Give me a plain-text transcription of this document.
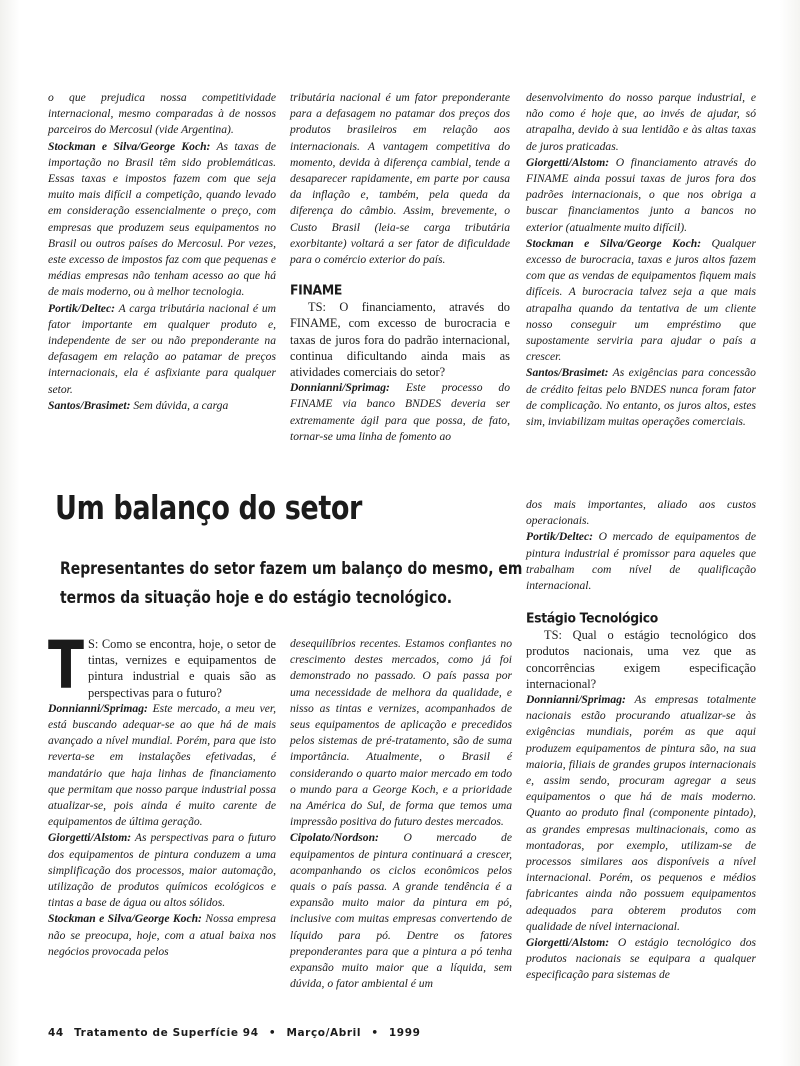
o que prejudica nossa competitividade internacional, mesmo comparadas à de nossos parceiros do Mercosul (vide Argentina).

Stockman e Silva/George Koch: As taxas de importação no Brasil têm sido problemáticas. Essas taxas e impostos fazem com que seja muito mais difícil a competição, quando levado em consideração essencialmente o preço, com empresas que produzem seus equipamentos no Brasil ou outros países do Mercosul. Por vezes, este excesso de impostos faz com que pequenas e médias empresas não tenham acesso ao que há de mais moderno, ou à melhor tecnologia.

Portik/Deltec: A carga tributária nacional é um fator importante em qualquer produto e, independente de ser ou não preponderante na defasagem em relação ao patamar de preços internacionais, ela é asfixiante para qualquer setor.

Santos/Brasimet: Sem dúvida, a carga

tributária nacional é um fator preponderante para a defasagem no patamar dos preços dos produtos brasileiros em relação aos internacionais. A vantagem competitiva do momento, devida à diferença cambial, tende a desaparecer rapidamente, em parte por causa da inflação e, também, pela queda da diferença do câmbio. Assim, brevemente, o Custo Brasil (leia-se carga tributária exorbitante) voltará a ser fator de dificuldade para o comércio exterior do país.

FINAME

TS: O financiamento, através do FINAME, com excesso de burocracia e taxas de juros fora do padrão internacional, continua dificultando ainda mais as atividades comerciais do setor?

Donnianni/Sprimag: Este processo do FINAME via banco BNDES deveria ser extremamente ágil para que possa, de fato, tornar-se uma linha de fomento ao

desenvolvimento do nosso parque industrial, e não como é hoje que, ao invés de ajudar, só atrapalha, devido à sua lentidão e às altas taxas de juros praticadas.

Giorgetti/Alstom: O financiamento através do FINAME ainda possui taxas de juros fora dos padrões internacionais, o que nos obriga a buscar financiamentos junto a bancos no exterior (atualmente muito difícil).

Stockman e Silva/George Koch: Qualquer excesso de burocracia, taxas e juros altos fazem com que as vendas de equipamentos fiquem mais difíceis. A burocracia talvez seja a que mais atrapalha quando da tentativa de um cliente nosso conseguir um empréstimo que supostamente serviria para ajudar o país a crescer.

Santos/Brasimet: As exigências para concessão de crédito feitas pelo BNDES nunca foram fator de complicação. No entanto, os juros altos, estes sim, inviabilizam muitas operações comerciais.

Um balanço do setor
Representantes do setor fazem um balanço do mesmo, em termos da situação hoje e do estágio tecnológico.
T S: Como se encontra, hoje, o setor de tintas, vernizes e equipamentos de pintura industrial e quais são as perspectivas para o futuro?

Donnianni/Sprimag: Este mercado, a meu ver, está buscando adequar-se ao que há de mais avançado a nível mundial. Porém, para que isto reverta-se em instalações efetivadas, é mandatário que haja linhas de financiamento que permitam que nosso parque industrial possa atualizar-se, pois ainda é muito carente de equipamentos de última geração.

Giorgetti/Alstom: As perspectivas para o futuro dos equipamentos de pintura conduzem a uma simplificação dos processos, maior automação, utilização de produtos químicos ecológicos e tintas a base de água ou altos sólidos.

Stockman e Silva/George Koch: Nossa empresa não se preocupa, hoje, com a atual baixa nos negócios provocada pelos

desequilíbrios recentes. Estamos confiantes no crescimento destes mercados, como já foi demonstrado no passado. O país passa por uma necessidade de melhora da qualidade, e nisso as tintas e vernizes, acompanhados de seus equipamentos de aplicação e precedidos pelos sistemas de pré-tratamento, são de suma importância. Atualmente, o Brasil é considerando o quarto maior mercado em todo o mundo para a George Koch, e a prioridade na América do Sul, de forma que temos uma impressão positiva do futuro destes mercados.

Cipolato/Nordson: O mercado de equipamentos de pintura continuará a crescer, acompanhando os ciclos econômicos pelos quais o país passa. A grande tendência é a expansão muito maior da pintura em pó, inclusive com muitas empresas convertendo de líquido para pó. Dentre os fatores preponderantes para que a pintura a pó tenha expansão muito maior que a líquida, sem dúvida, o fator ambiental é um

dos mais importantes, aliado aos custos operacionais.

Portik/Deltec: O mercado de equipamentos de pintura industrial é promissor para aqueles que trabalham com nível de qualificação internacional.

Estágio Tecnológico

TS: Qual o estágio tecnológico dos produtos nacionais, uma vez que as concorrências exigem especificação internacional?

Donnianni/Sprimag: As empresas totalmente nacionais estão procurando atualizar-se às exigências mundiais, porém as que aqui produzem equipamentos de pintura são, na sua maioria, filiais de grandes grupos internacionais e, assim sendo, procuram agregar a seus equipamentos o que há de mais moderno. Quanto ao produto final (componente pintado), as grandes empresas multinacionais, como as montadoras, por exemplo, utilizam-se de processos similares aos disponíveis a nível internacional. Porém, os pequenos e médios fabricantes ainda não possuem equipamentos adequados para obterem produtos com qualidade de nível internacional.

Giorgetti/Alstom: O estágio tecnológico dos produtos nacionais se equipara a qualquer especificação para sistemas de

44 Tratamento de Superfície 94 • Março/Abril • 1999
